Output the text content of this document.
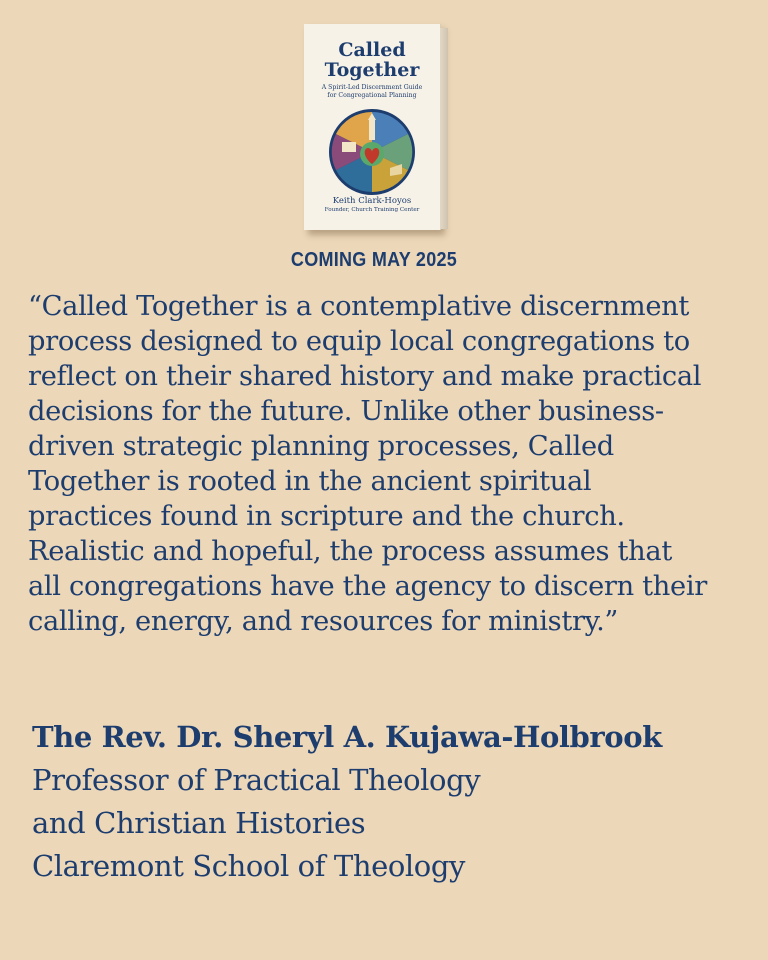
Called
Together
A Spirit-Led Discernment Guide
for Congregational Planning
Keith Clark-Hoyos
Founder, Church Training Center
COMING MAY 2025

“Called Together is a contemplative discernment
process designed to equip local congregations to
reflect on their shared history and make practical
decisions for the future. Unlike other business-
driven strategic planning processes, Called
Together is rooted in the ancient spiritual
practices found in scripture and the church.
Realistic and hopeful, the process assumes that
all congregations have the agency to discern their
calling, energy, and resources for ministry.”

The Rev. Dr. Sheryl A. Kujawa-Holbrook
Professor of Practical Theology
and Christian Histories
Claremont School of Theology
